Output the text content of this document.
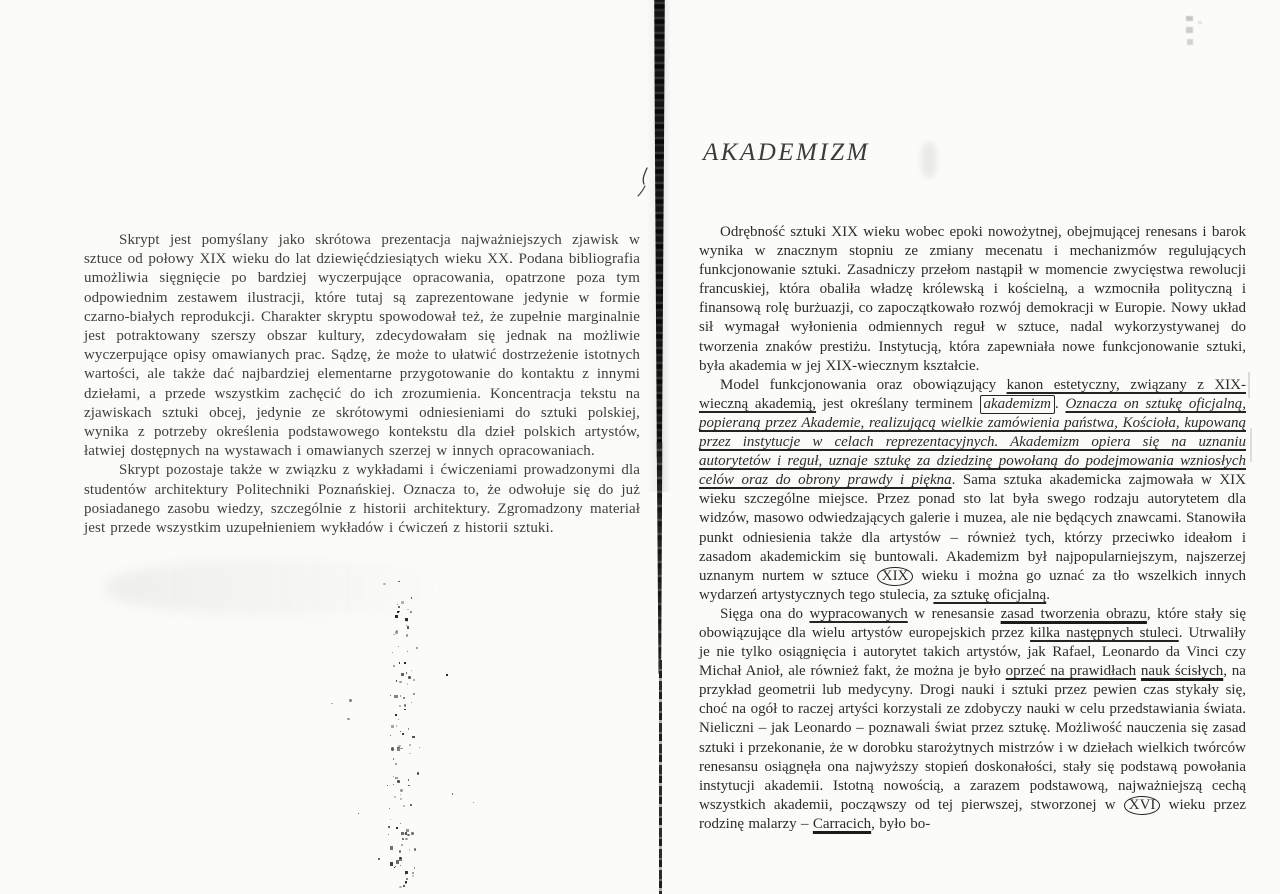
Skrypt jest pomyślany jako skrótowa prezentacja najważniejszych zjawisk w sztuce od połowy XIX wieku do lat dziewięćdziesiątych wieku XX. Podana bibliografia umożliwia sięgnięcie po bardziej wyczerpujące opracowania, opatrzone poza tym odpowiednim zestawem ilustracji, które tutaj są zaprezentowane jedynie w formie czarno-białych reprodukcji. Charakter skryptu spowodował też, że zupełnie marginalnie jest potraktowany szerszy obszar kultury, zdecydowałam się jednak na możliwie wyczerpujące opisy omawianych prac. Sądzę, że może to ułatwić dostrzeżenie istotnych wartości, ale także dać najbardziej elementarne przygotowanie do kontaktu z innymi dziełami, a przede wszystkim zachęcić do ich zrozumienia. Koncentracja tekstu na zjawiskach sztuki obcej, jedynie ze skrótowymi odniesieniami do sztuki polskiej, wynika z potrzeby określenia podstawowego kontekstu dla dzieł polskich artystów, łatwiej dostępnych na wystawach i omawianych szerzej w innych opracowaniach.

Skrypt pozostaje także w związku z wykładami i ćwiczeniami prowadzonymi dla studentów architektury Politechniki Poznańskiej. Oznacza to, że odwołuje się do już posiadanego zasobu wiedzy, szczególnie z historii architektury. Zgromadzony materiał jest przede wszystkim uzupełnieniem wykładów i ćwiczeń z historii sztuki.

AKADEMIZM

Odrębność sztuki XIX wieku wobec epoki nowożytnej, obejmującej renesans i barok wynika w znacznym stopniu ze zmiany mecenatu i mechanizmów regulujących funkcjonowanie sztuki. Zasadniczy przełom nastąpił w momencie zwycięstwa rewolucji francuskiej, która obaliła władzę królewską i kościelną, a wzmocniła polityczną i finansową rolę burżuazji, co zapoczątkowało rozwój demokracji w Europie. Nowy układ sił wymagał wyłonienia odmiennych reguł w sztuce, nadal wykorzystywanej do tworzenia znaków prestiżu. Instytucją, która zapewniała nowe funkcjonowanie sztuki, była akademia w jej XIX-wiecznym kształcie.

Model funkcjonowania oraz obowiązujący kanon estetyczny, związany z XIX-wieczną akademią, jest określany terminem akademizm . Oznacza on sztukę oficjalną, popieraną przez Akademie, realizującą wielkie zamówienia państwa, Kościoła, kupowaną przez instytucje w celach reprezentacyjnych. Akademizm opiera się na uznaniu autorytetów i reguł, uznaje sztukę za dziedzinę powołaną do podejmowania wzniosłych celów oraz do obrony prawdy i piękna. Sama sztuka akademicka zajmowała w XIX wieku szczególne miejsce. Przez ponad sto lat była swego rodzaju autorytetem dla widzów, masowo odwiedzających galerie i muzea, ale nie będących znawcami. Stanowiła punkt odniesienia także dla artystów – również tych, którzy przeciwko ideałom i zasadom akademickim się buntowali. Akademizm był najpopularniejszym, najszerzej uznanym nurtem w sztuce XIX wieku i można go uznać za tło wszelkich innych wydarzeń artystycznych tego stulecia, za sztukę oficjalną.

Sięga ona do wypracowanych w renesansie zasad tworzenia obrazu, które stały się obowiązujące dla wielu artystów europejskich przez kilka następnych stuleci. Utrwaliły je nie tylko osiągnięcia i autorytet takich artystów, jak Rafael, Leonardo da Vinci czy Michał Anioł, ale również fakt, że można je było oprzeć na prawidłach nauk ścisłych, na przykład geometrii lub medycyny. Drogi nauki i sztuki przez pewien czas stykały się, choć na ogół to raczej artyści korzystali ze zdobyczy nauki w celu przedstawiania świata. Nieliczni – jak Leonardo – poznawali świat przez sztukę. Możliwość nauczenia się zasad sztuki i przekonanie, że w dorobku starożytnych mistrzów i w dziełach wielkich twórców renesansu osiągnęła ona najwyższy stopień doskonałości, stały się podstawą powołania instytucji akademii. Istotną nowością, a zarazem podstawową, najważniejszą cechą wszystkich akademii, począwszy od tej pierwszej, stworzonej w XVI wieku przez rodzinę malarzy – Carracich, było bo-
